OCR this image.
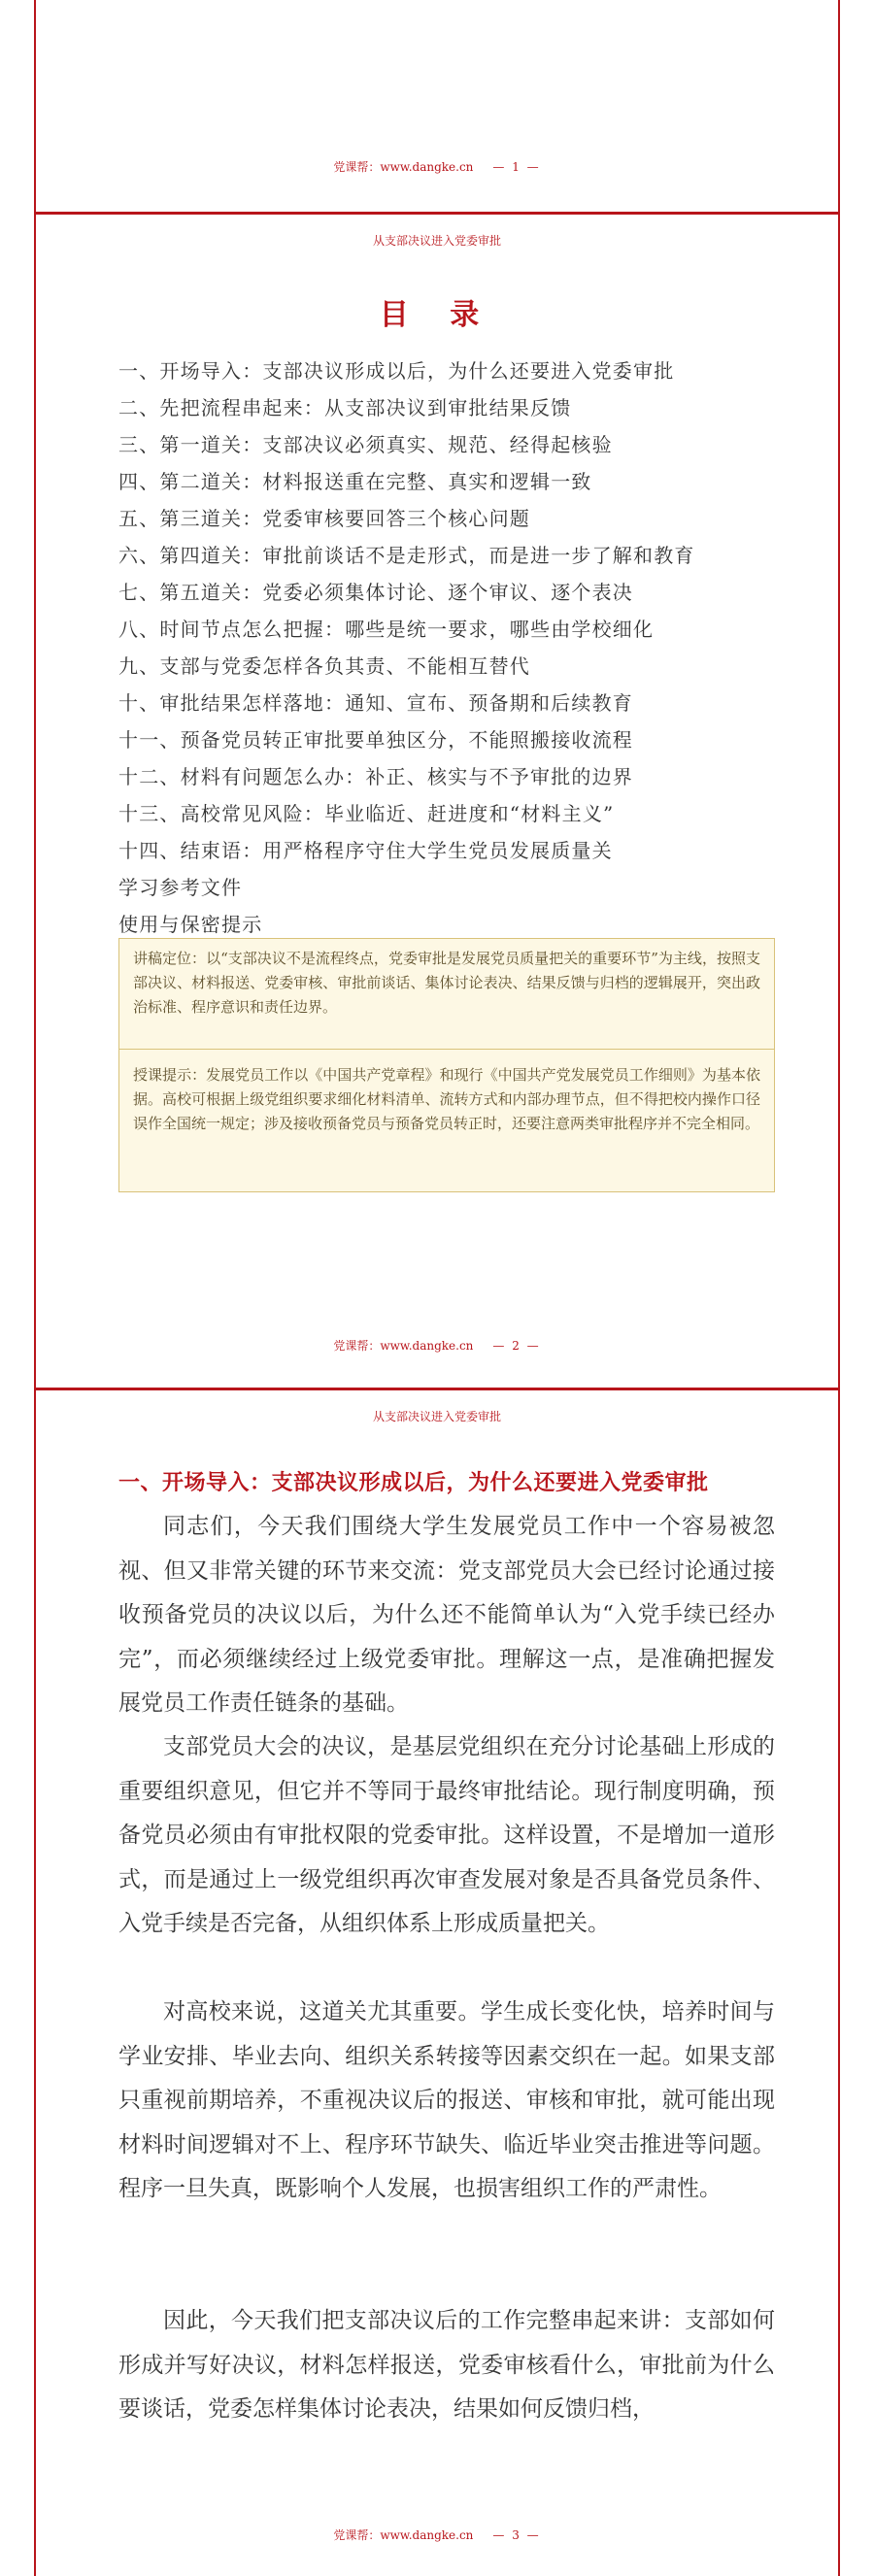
党课帮：www.dangke.cn — 1 —
从支部决议进入党委审批
目 录
一、开场导入：支部决议形成以后，为什么还要进入党委审批
二、先把流程串起来：从支部决议到审批结果反馈
三、第一道关：支部决议必须真实、规范、经得起核验
四、第二道关：材料报送重在完整、真实和逻辑一致
五、第三道关：党委审核要回答三个核心问题
六、第四道关：审批前谈话不是走形式，而是进一步了解和教育
七、第五道关：党委必须集体讨论、逐个审议、逐个表决
八、时间节点怎么把握：哪些是统一要求，哪些由学校细化
九、支部与党委怎样各负其责、不能相互替代
十、审批结果怎样落地：通知、宣布、预备期和后续教育
十一、预备党员转正审批要单独区分，不能照搬接收流程
十二、材料有问题怎么办：补正、核实与不予审批的边界
十三、高校常见风险：毕业临近、赶进度和“材料主义”
十四、结束语：用严格程序守住大学生党员发展质量关
学习参考文件
使用与保密提示

讲稿定位：以“支部决议不是流程终点，党委审批是发展党员质量把关的重要环节”为主线，按照支部决议、材料报送、党委审核、审批前谈话、集体讨论表决、结果反馈与归档的逻辑展开，突出政治标准、程序意识和责任边界。

授课提示：发展党员工作以《中国共产党章程》和现行《中国共产党发展党员工作细则》为基本依据。高校可根据上级党组织要求细化材料清单、流转方式和内部办理节点，但不得把校内操作口径误作全国统一规定；涉及接收预备党员与预备党员转正时，还要注意两类审批程序并不完全相同。

党课帮：www.dangke.cn — 2 —
从支部决议进入党委审批
一、开场导入：支部决议形成以后，为什么还要进入党委审批

同志们，今天我们围绕大学生发展党员工作中一个容易被忽视、但又非常关键的环节来交流：党支部党员大会已经讨论通过接收预备党员的决议以后，为什么还不能简单认为“入党手续已经办完”，而必须继续经过上级党委审批。理解这一点，是准确把握发展党员工作责任链条的基础。

支部党员大会的决议，是基层党组织在充分讨论基础上形成的重要组织意见，但它并不等同于最终审批结论。现行制度明确，预备党员必须由有审批权限的党委审批。这样设置，不是增加一道形式，而是通过上一级党组织再次审查发展对象是否具备党员条件、入党手续是否完备，从组织体系上形成质量把关。

对高校来说，这道关尤其重要。学生成长变化快，培养时间与学业安排、毕业去向、组织关系转接等因素交织在一起。如果支部只重视前期培养，不重视决议后的报送、审核和审批，就可能出现材料时间逻辑对不上、程序环节缺失、临近毕业突击推进等问题。程序一旦失真，既影响个人发展，也损害组织工作的严肃性。

因此，今天我们把支部决议后的工作完整串起来讲：支部如何形成并写好决议，材料怎样报送，党委审核看什么，审批前为什么要谈话，党委怎样集体讨论表决，结果如何反馈归档，

党课帮：www.dangke.cn — 3 —
